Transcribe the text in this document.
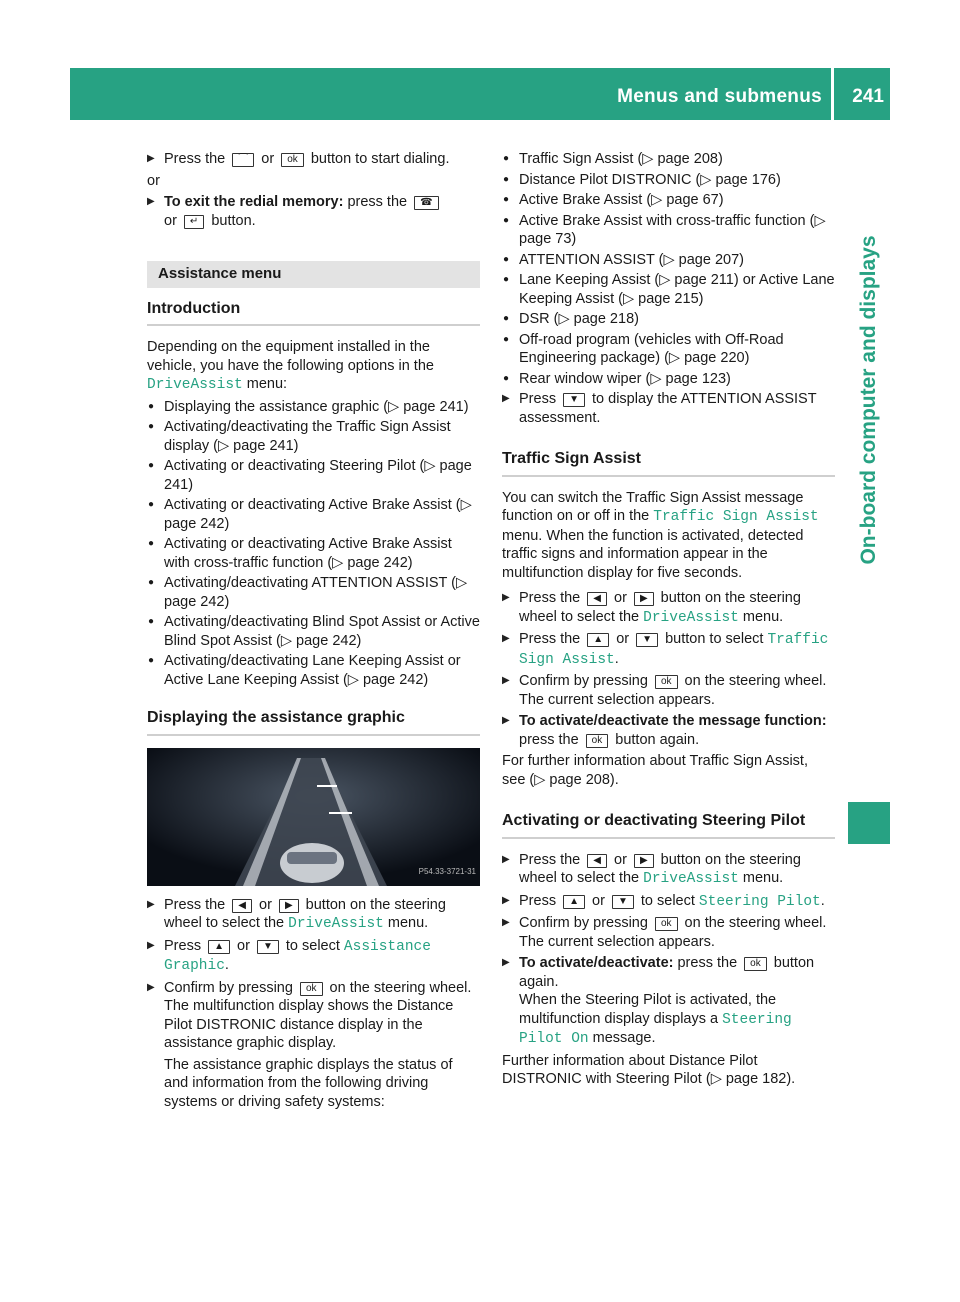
Menus and submenus 241
On-board computer and displays
▶ Press the ⌒ or ok button to start dialing.
or
▶ To exit the redial memory: press the ☎
or ↵ button.
Assistance menu
Introduction
Depending on the equipment installed in the vehicle, you have the following options in the DriveAssist menu:
● Displaying the assistance graphic (▷ page 241)
● Activating/deactivating the Traffic Sign Assist display (▷ page 241)
● Activating or deactivating Steering Pilot (▷ page 241)
● Activating or deactivating Active Brake Assist (▷ page 242)
● Activating or deactivating Active Brake Assist with cross-traffic function (▷ page 242)
● Activating/deactivating ATTENTION ASSIST (▷ page 242)
● Activating/deactivating Blind Spot Assist or Active Blind Spot Assist (▷ page 242)
● Activating/deactivating Lane Keeping Assist or Active Lane Keeping Assist (▷ page 242)
Displaying the assistance graphic
P54.33-3721-31
▶ Press the ◀ or ▶ button on the steering wheel to select the DriveAssist menu.
▶ Press ▲ or ▼ to select Assistance Graphic.
▶ Confirm by pressing ok on the steering wheel.
The multifunction display shows the Distance Pilot DISTRONIC distance display in the assistance graphic display.
The assistance graphic displays the status of and information from the following driving systems or driving safety systems:
● Traffic Sign Assist (▷ page 208)
● Distance Pilot DISTRONIC (▷ page 176)
● Active Brake Assist (▷ page 67)
● Active Brake Assist with cross-traffic function (▷ page 73)
● ATTENTION ASSIST (▷ page 207)
● Lane Keeping Assist (▷ page 211) or Active Lane Keeping Assist (▷ page 215)
● DSR (▷ page 218)
● Off-road program (vehicles with Off-Road Engineering package) (▷ page 220)
● Rear window wiper (▷ page 123)
▶ Press ▼ to display the ATTENTION ASSIST assessment.
Traffic Sign Assist
You can switch the Traffic Sign Assist message function on or off in the Traffic Sign Assist menu. When the function is activated, detected traffic signs and information appear in the multifunction display for five seconds.
▶ Press the ◀ or ▶ button on the steering wheel to select the DriveAssist menu.
▶ Press the ▲ or ▼ button to select Traffic Sign Assist.
▶ Confirm by pressing ok on the steering wheel.
The current selection appears.
▶ To activate/deactivate the message function: press the ok button again.
For further information about Traffic Sign Assist, see (▷ page 208).
Activating or deactivating Steering Pilot
▶ Press the ◀ or ▶ button on the steering wheel to select the DriveAssist menu.
▶ Press ▲ or ▼ to select Steering Pilot.
▶ Confirm by pressing ok on the steering wheel.
The current selection appears.
▶ To activate/deactivate: press the ok button again.
When the Steering Pilot is activated, the multifunction display displays a Steering Pilot On message.
Further information about Distance Pilot DISTRONIC with Steering Pilot (▷ page 182).
